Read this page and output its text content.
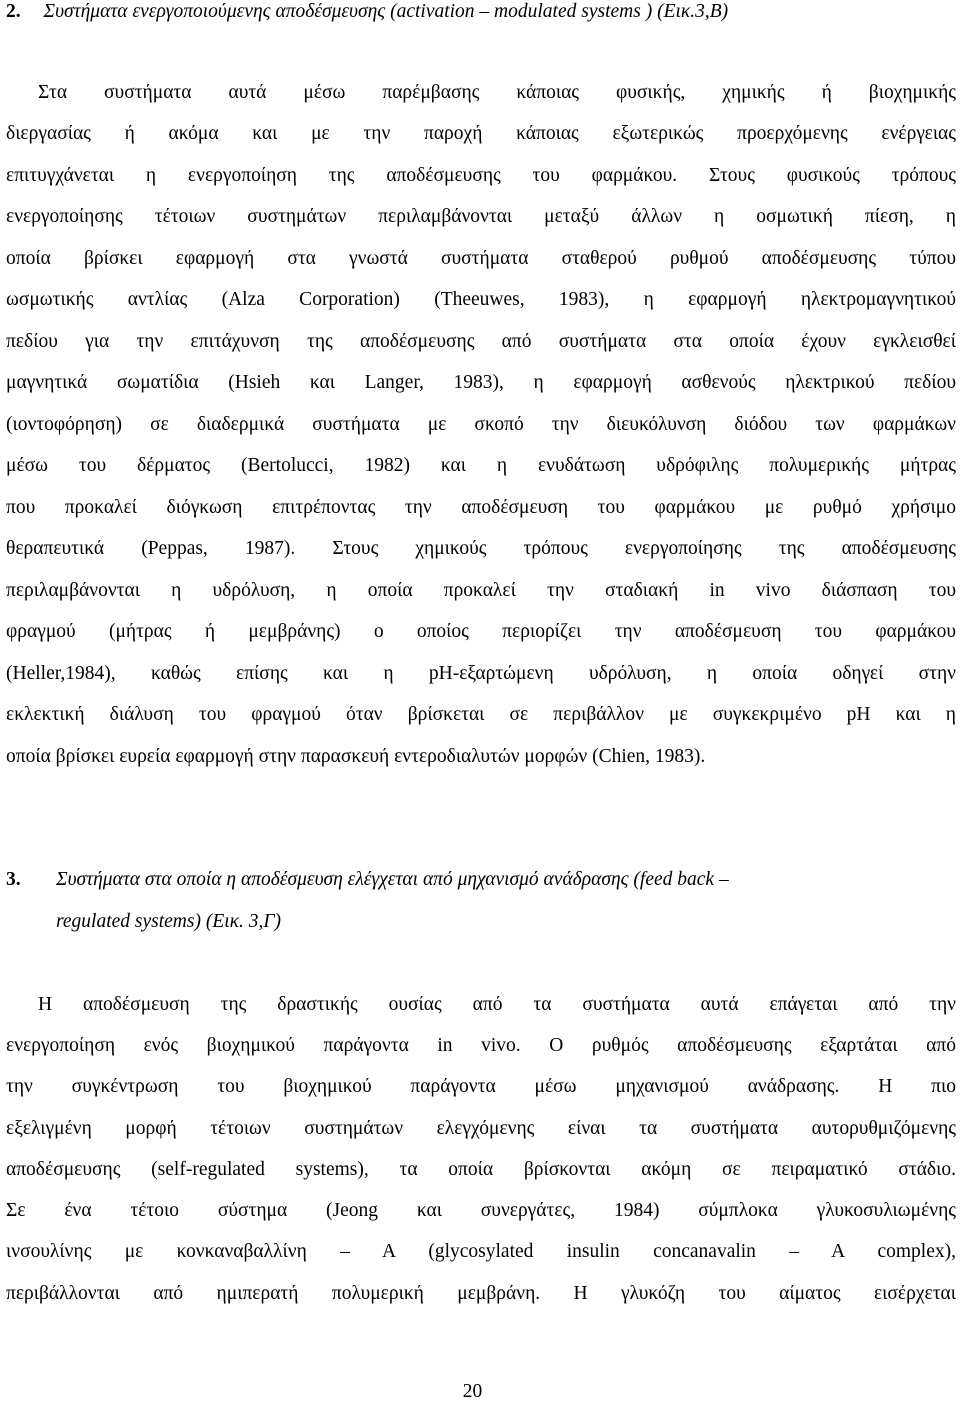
2. Συστήματα ενεργοποιούμενης αποδέσμευσης (activation – modulated systems ) (Εικ.3,Β)
Στα συστήματα αυτά μέσω παρέμβασης κάποιας φυσικής, χημικής ή βιοχημικής
διεργασίας ή ακόμα και με την παροχή κάποιας εξωτερικώς προερχόμενης ενέργειας
επιτυγχάνεται η ενεργοποίηση της αποδέσμευσης του φαρμάκου. Στους φυσικούς τρόπους
ενεργοποίησης τέτοιων συστημάτων περιλαμβάνονται μεταξύ άλλων η οσμωτική πίεση, η
οποία βρίσκει εφαρμογή στα γνωστά συστήματα σταθερού ρυθμού αποδέσμευσης τύπου
ωσμωτικής αντλίας (Alza Corporation) (Theeuwes, 1983), η εφαρμογή ηλεκτρομαγνητικού
πεδίου για την επιτάχυνση της αποδέσμευσης από συστήματα στα οποία έχουν εγκλεισθεί
μαγνητικά σωματίδια (Hsieh και Langer, 1983), η εφαρμογή ασθενούς ηλεκτρικού πεδίου
(ιοντοφόρηση) σε διαδερμικά συστήματα με σκοπό την διευκόλυνση διόδου των φαρμάκων
μέσω του δέρματος (Bertolucci, 1982) και η ενυδάτωση υδρόφιλης πολυμερικής μήτρας
που προκαλεί διόγκωση επιτρέποντας την αποδέσμευση του φαρμάκου με ρυθμό χρήσιμο
θεραπευτικά (Peppas, 1987). Στους χημικούς τρόπους ενεργοποίησης της αποδέσμευσης
περιλαμβάνονται η υδρόλυση, η οποία προκαλεί την σταδιακή in vivo διάσπαση του
φραγμού (μήτρας ή μεμβράνης) ο οποίος περιορίζει την αποδέσμευση του φαρμάκου
(Heller,1984), καθώς επίσης και η pH-εξαρτώμενη υδρόλυση, η οποία οδηγεί στην
εκλεκτική διάλυση του φραγμού όταν βρίσκεται σε περιβάλλον με συγκεκριμένο pH και η
οποία βρίσκει ευρεία εφαρμογή στην παρασκευή εντεροδιαλυτών μορφών (Chien, 1983).
3.	Συστήματα στα οποία η αποδέσμευση ελέγχεται από μηχανισμό ανάδρασης (feed back –
regulated systems) (Εικ. 3,Γ)
Η αποδέσμευση της δραστικής ουσίας από τα συστήματα αυτά επάγεται από την
ενεργοποίηση ενός βιοχημικού παράγοντα in vivo. Ο ρυθμός αποδέσμευσης εξαρτάται από
την συγκέντρωση του βιοχημικού παράγοντα μέσω μηχανισμού ανάδρασης. Η πιο
εξελιγμένη μορφή τέτοιων συστημάτων ελεγχόμενης είναι τα συστήματα αυτορυθμιζόμενης
αποδέσμευσης (self-regulated systems), τα οποία βρίσκονται ακόμη σε πειραματικό στάδιο.
Σε ένα τέτοιο σύστημα (Jeong και συνεργάτες, 1984) σύμπλοκα γλυκοσυλιωμένης
ινσουλίνης με κονκαναβαλλίνη – Α (glycosylated insulin concanavalin – A complex),
περιβάλλονται από ημιπερατή πολυμερική μεμβράνη. Η γλυκόζη του αίματος εισέρχεται
20
